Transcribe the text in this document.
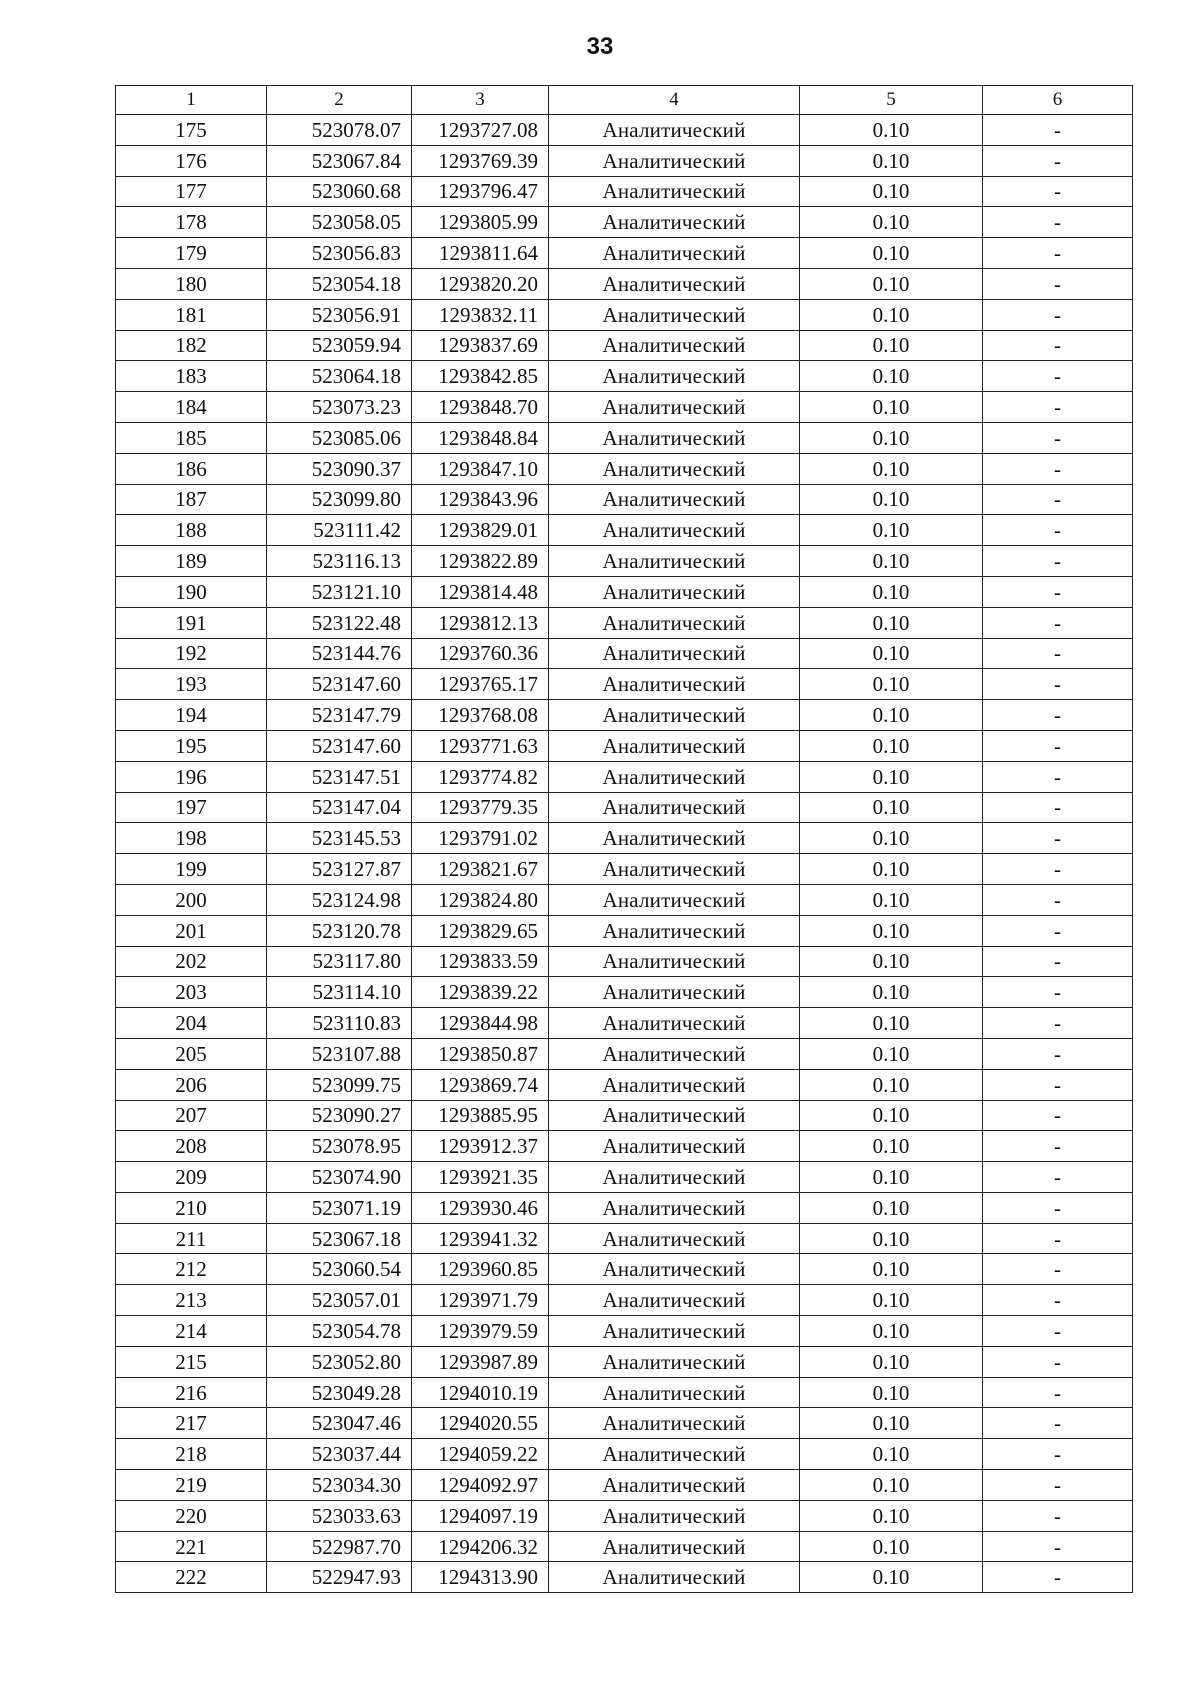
33
1	2	3	4	5	6
175	523078.07	1293727.08	Аналитический	0.10	-
176	523067.84	1293769.39	Аналитический	0.10	-
177	523060.68	1293796.47	Аналитический	0.10	-
178	523058.05	1293805.99	Аналитический	0.10	-
179	523056.83	1293811.64	Аналитический	0.10	-
180	523054.18	1293820.20	Аналитический	0.10	-
181	523056.91	1293832.11	Аналитический	0.10	-
182	523059.94	1293837.69	Аналитический	0.10	-
183	523064.18	1293842.85	Аналитический	0.10	-
184	523073.23	1293848.70	Аналитический	0.10	-
185	523085.06	1293848.84	Аналитический	0.10	-
186	523090.37	1293847.10	Аналитический	0.10	-
187	523099.80	1293843.96	Аналитический	0.10	-
188	523111.42	1293829.01	Аналитический	0.10	-
189	523116.13	1293822.89	Аналитический	0.10	-
190	523121.10	1293814.48	Аналитический	0.10	-
191	523122.48	1293812.13	Аналитический	0.10	-
192	523144.76	1293760.36	Аналитический	0.10	-
193	523147.60	1293765.17	Аналитический	0.10	-
194	523147.79	1293768.08	Аналитический	0.10	-
195	523147.60	1293771.63	Аналитический	0.10	-
196	523147.51	1293774.82	Аналитический	0.10	-
197	523147.04	1293779.35	Аналитический	0.10	-
198	523145.53	1293791.02	Аналитический	0.10	-
199	523127.87	1293821.67	Аналитический	0.10	-
200	523124.98	1293824.80	Аналитический	0.10	-
201	523120.78	1293829.65	Аналитический	0.10	-
202	523117.80	1293833.59	Аналитический	0.10	-
203	523114.10	1293839.22	Аналитический	0.10	-
204	523110.83	1293844.98	Аналитический	0.10	-
205	523107.88	1293850.87	Аналитический	0.10	-
206	523099.75	1293869.74	Аналитический	0.10	-
207	523090.27	1293885.95	Аналитический	0.10	-
208	523078.95	1293912.37	Аналитический	0.10	-
209	523074.90	1293921.35	Аналитический	0.10	-
210	523071.19	1293930.46	Аналитический	0.10	-
211	523067.18	1293941.32	Аналитический	0.10	-
212	523060.54	1293960.85	Аналитический	0.10	-
213	523057.01	1293971.79	Аналитический	0.10	-
214	523054.78	1293979.59	Аналитический	0.10	-
215	523052.80	1293987.89	Аналитический	0.10	-
216	523049.28	1294010.19	Аналитический	0.10	-
217	523047.46	1294020.55	Аналитический	0.10	-
218	523037.44	1294059.22	Аналитический	0.10	-
219	523034.30	1294092.97	Аналитический	0.10	-
220	523033.63	1294097.19	Аналитический	0.10	-
221	522987.70	1294206.32	Аналитический	0.10	-
222	522947.93	1294313.90	Аналитический	0.10	-
